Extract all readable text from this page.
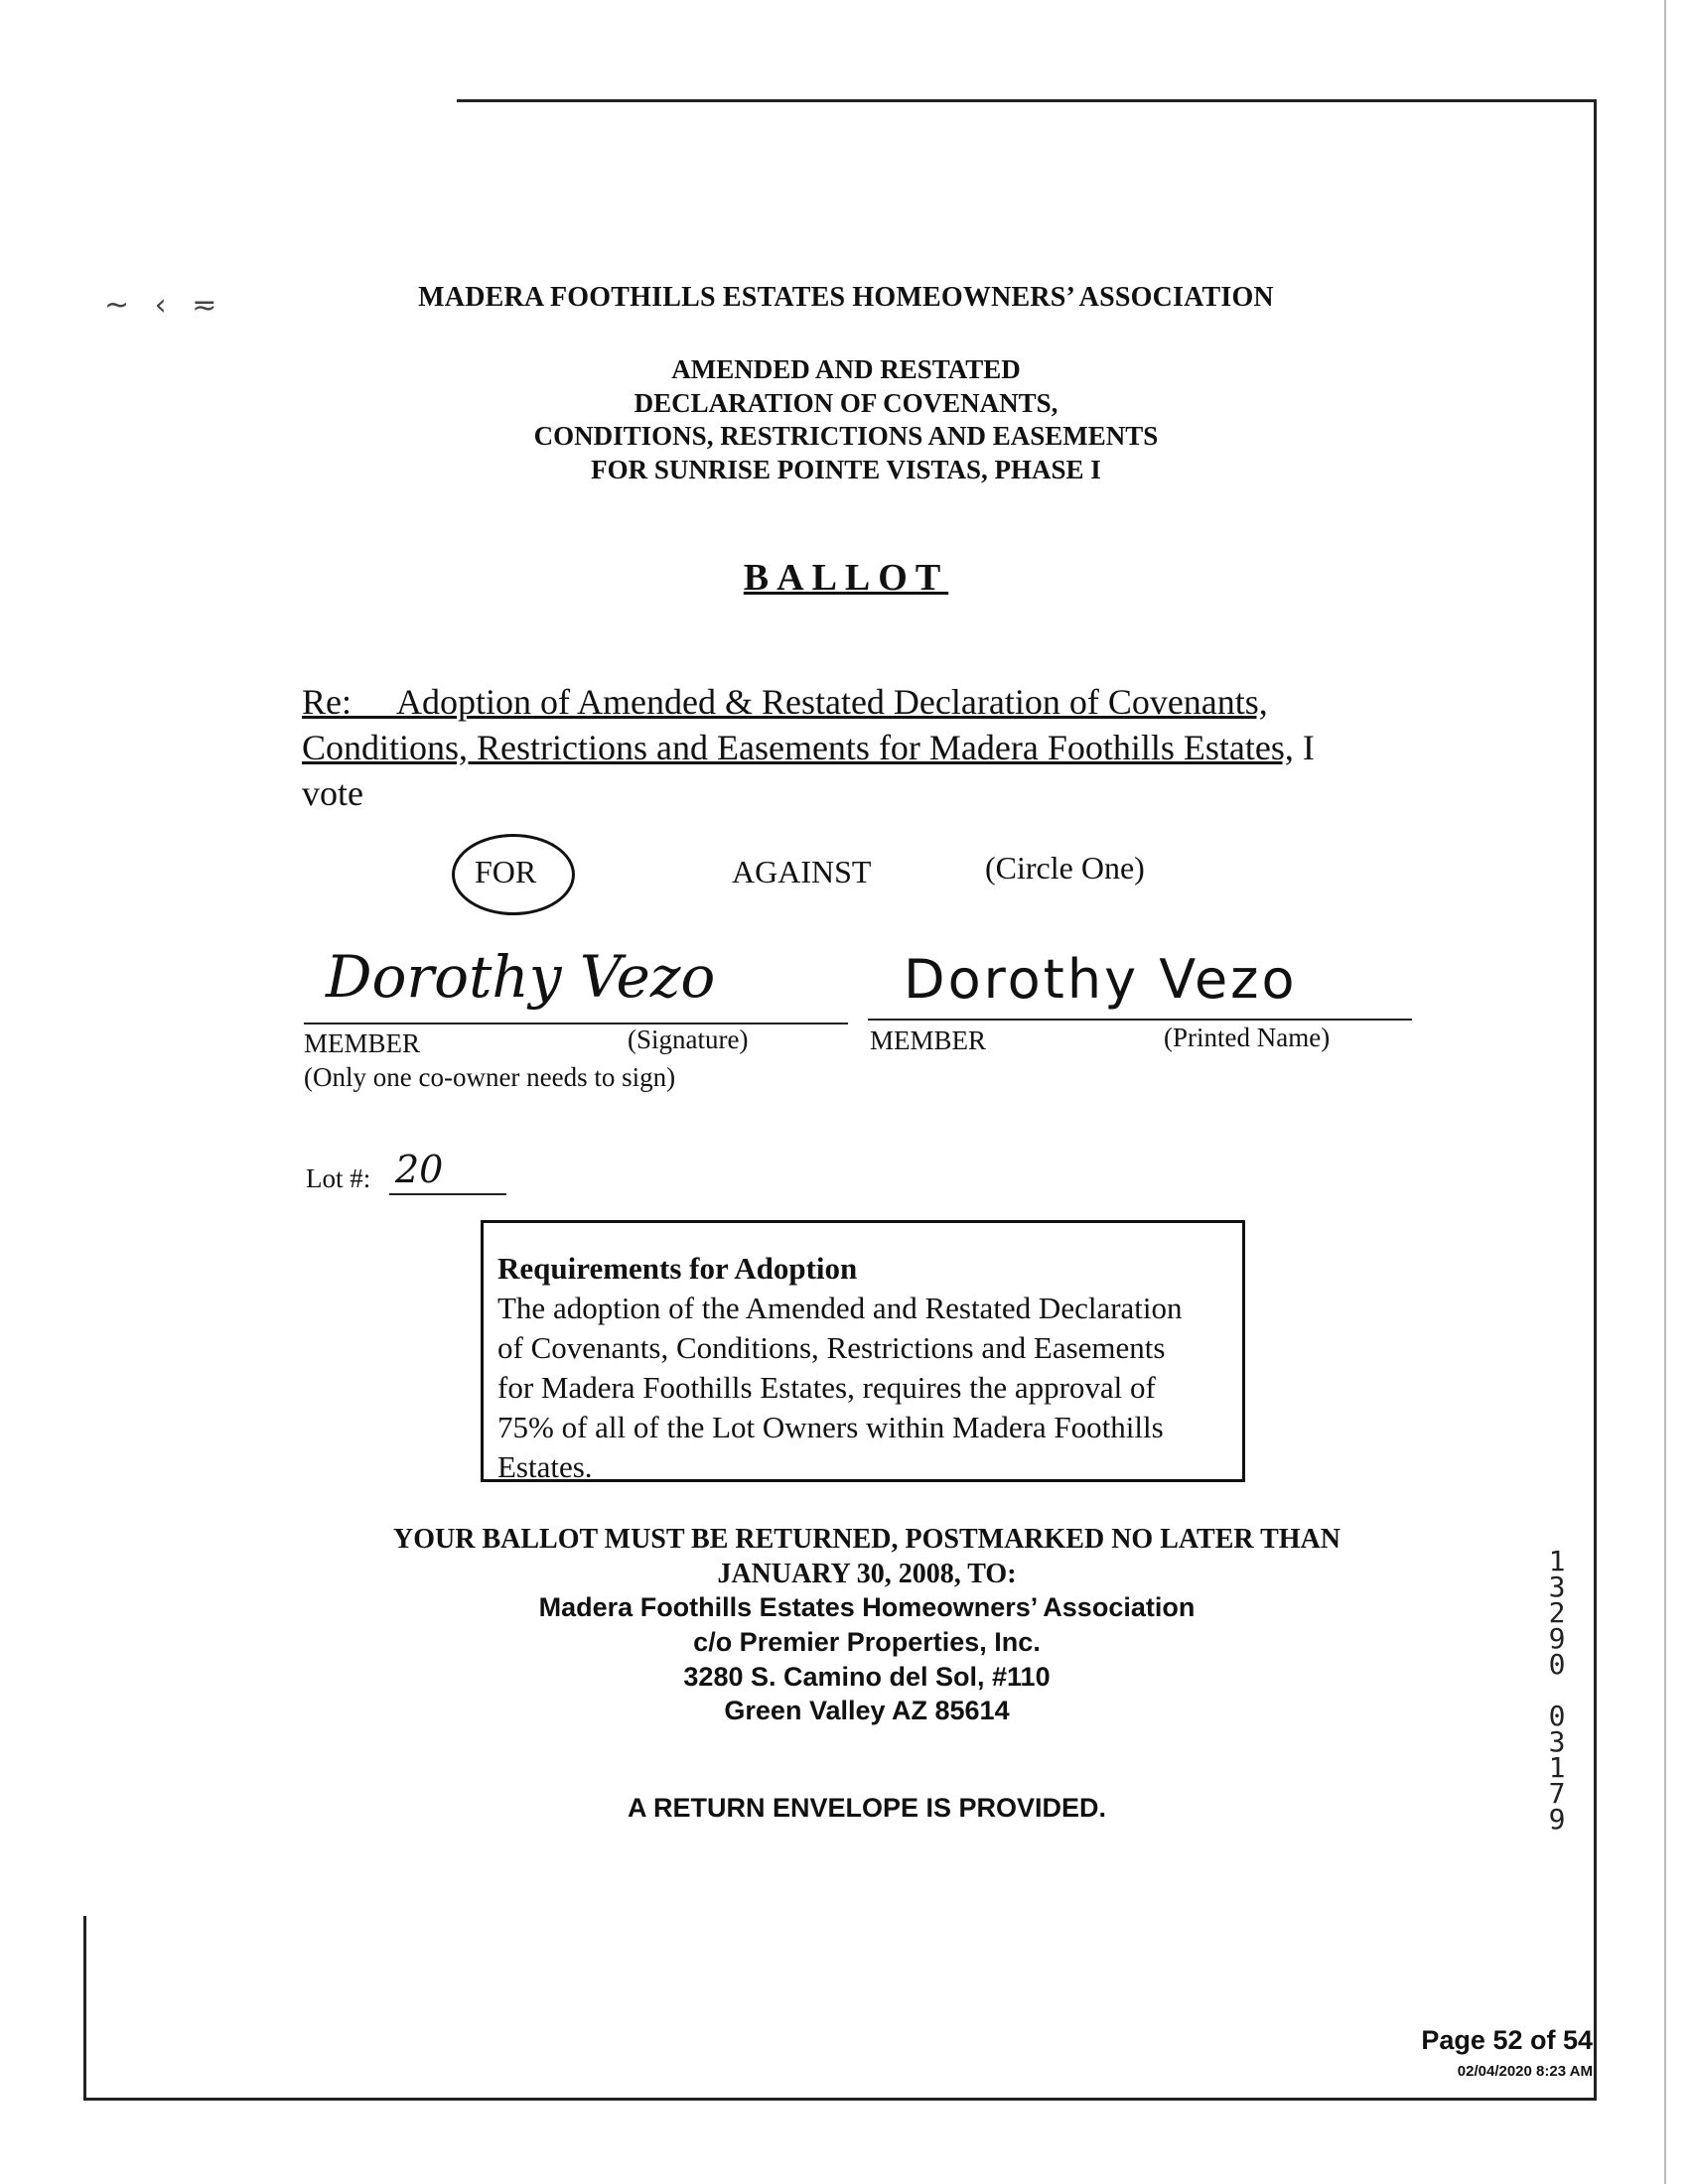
~ ‹ ≂	MADERA FOOTHILLS ESTATES HOMEOWNERS’ ASSOCIATION
AMENDED AND RESTATED
DECLARATION OF COVENANTS,
CONDITIONS, RESTRICTIONS AND EASEMENTS
FOR SUNRISE POINTE VISTAS, PHASE I
BALLOT
Re: Adoption of Amended & Restated Declaration of Covenants,
Conditions, Restrictions and Easements for Madera Foothills Estates, I
vote
FOR	AGAINST	(Circle One)
Dorothy Vezo
MEMBER	(Signature)
(Only one co-owner needs to sign)
Dorothy Vezo
MEMBER	(Printed Name)
Lot #: 20
Requirements for Adoption
The adoption of the Amended and Restated Declaration
of Covenants, Conditions, Restrictions and Easements
for Madera Foothills Estates, requires the approval of
75% of all of the Lot Owners within Madera Foothills
Estates.
YOUR BALLOT MUST BE RETURNED, POSTMARKED NO LATER THAN
JANUARY 30, 2008, TO:
Madera Foothills Estates Homeowners’ Association
c/o Premier Properties, Inc.
3280 S. Camino del Sol, #110
Green Valley AZ 85614
A RETURN ENVELOPE IS PROVIDED.
1
3
2
9
0

0
3
1
7
9
Page 52 of 54
02/04/2020 8:23 AM
